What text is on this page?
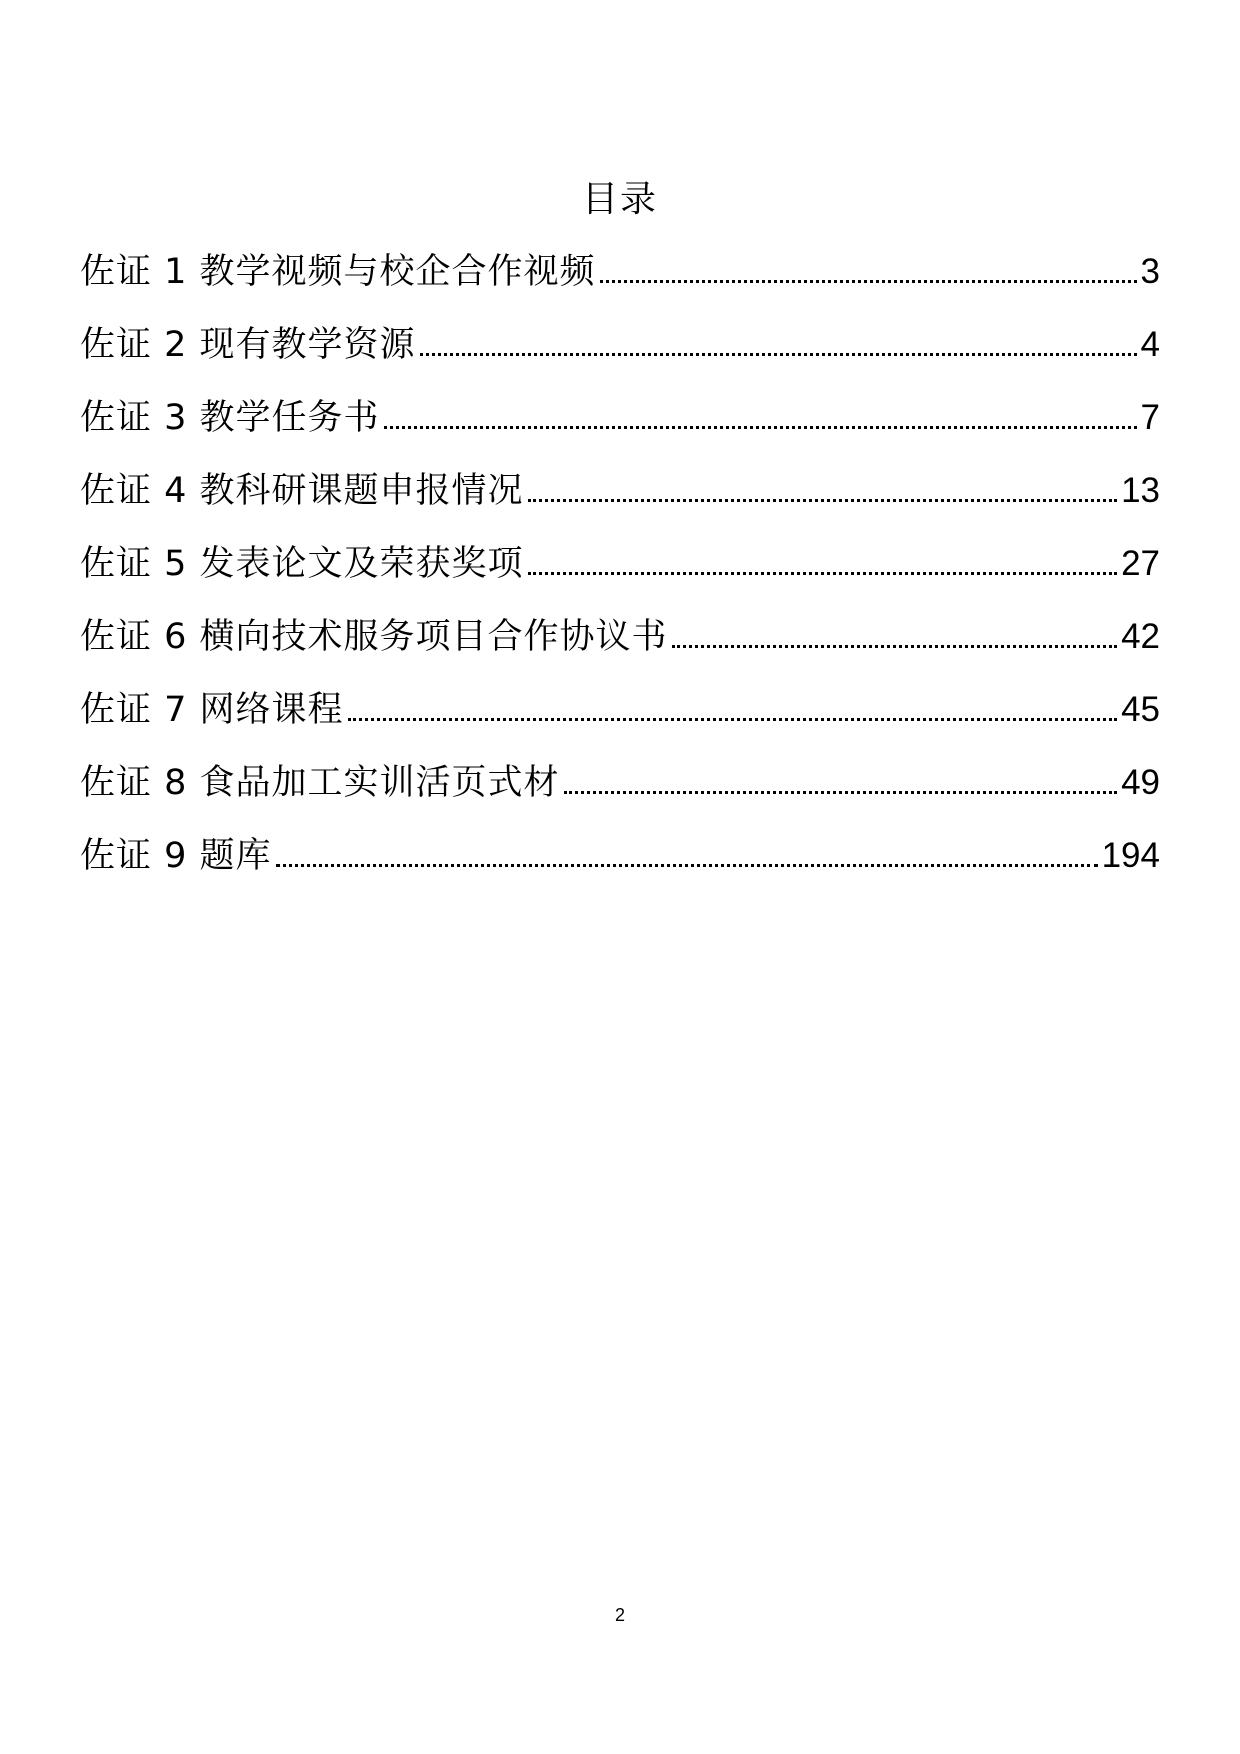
目录
佐证 1 教学视频与校企合作视频	3
佐证 2 现有教学资源	4
佐证 3 教学任务书	7
佐证 4 教科研课题申报情况	13
佐证 5 发表论文及荣获奖项	27
佐证 6 横向技术服务项目合作协议书	42
佐证 7 网络课程	45
佐证 8 食品加工实训活页式材	49
佐证 9 题库	194
2
